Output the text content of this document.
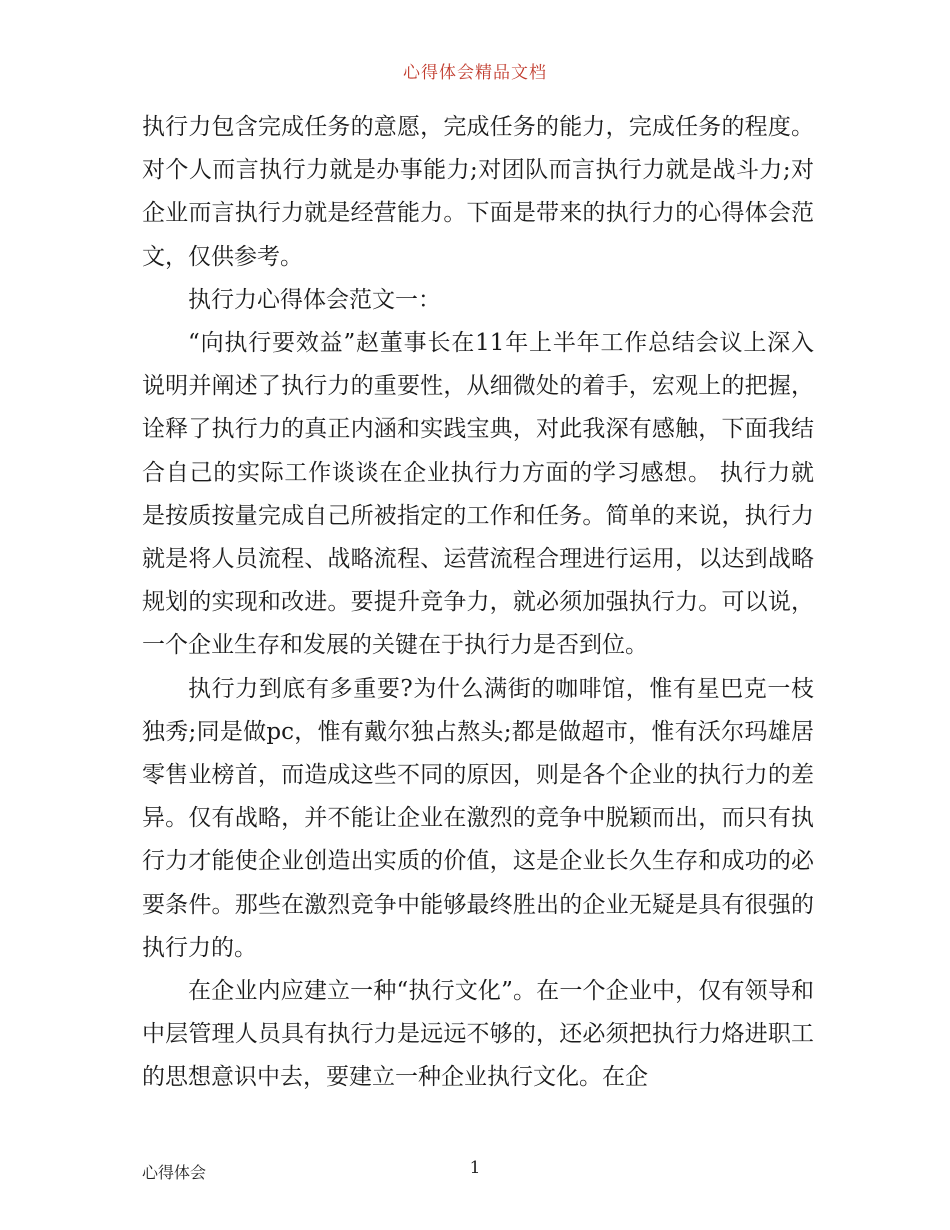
心得体会精品文档

执行力包含完成任务的意愿，完成任务的能力，完成任务的程度。对个人而言执行力就是办事能力;对团队而言执行力就是战斗力;对企业而言执行力就是经营能力。下面是带来的执行力的心得体会范文，仅供参考。

执行力心得体会范文一：

“向执行要效益”赵董事长在11年上半年工作总结会议上深入说明并阐述了执行力的重要性，从细微处的着手，宏观上的把握，诠释了执行力的真正内涵和实践宝典，对此我深有感触，下面我结合自己的实际工作谈谈在企业执行力方面的学习感想。 执行力就是按质按量完成自己所被指定的工作和任务。简单的来说，执行力就是将人员流程、战略流程、运营流程合理进行运用，以达到战略规划的实现和改进。要提升竞争力，就必须加强执行力。可以说，一个企业生存和发展的关键在于执行力是否到位。

执行力到底有多重要?为什么满街的咖啡馆，惟有星巴克一枝独秀;同是做pc，惟有戴尔独占熬头;都是做超市，惟有沃尔玛雄居零售业榜首，而造成这些不同的原因，则是各个企业的执行力的差异。仅有战略，并不能让企业在激烈的竞争中脱颖而出，而只有执行力才能使企业创造出实质的价值，这是企业长久生存和成功的必要条件。那些在激烈竞争中能够最终胜出的企业无疑是具有很强的执行力的。

在企业内应建立一种“执行文化”。在一个企业中，仅有领导和中层管理人员具有执行力是远远不够的，还必须把执行力烙进职工的思想意识中去，要建立一种企业执行文化。在企

心得体会	1
